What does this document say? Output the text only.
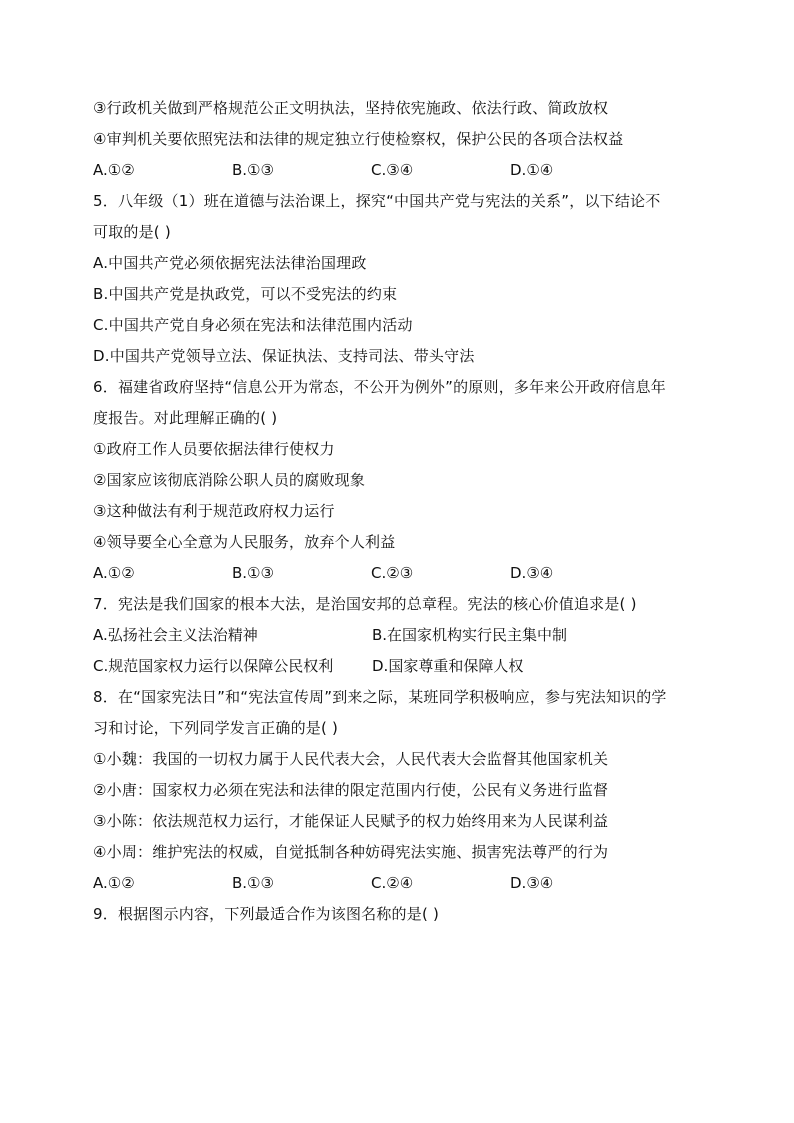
③行政机关做到严格规范公正文明执法，坚持依宪施政、依法行政、简政放权
④审判机关要依照宪法和法律的规定独立行使检察权，保护公民的各项合法权益
A.①②	B.①③	C.③④	D.①④
5．八年级（1）班在道德与法治课上，探究“中国共产党与宪法的关系”，以下结论不
可取的是( )
A.中国共产党必须依据宪法法律治国理政
B.中国共产党是执政党，可以不受宪法的约束
C.中国共产党自身必须在宪法和法律范围内活动
D.中国共产党领导立法、保证执法、支持司法、带头守法
6．福建省政府坚持“信息公开为常态，不公开为例外”的原则，多年来公开政府信息年
度报告。对此理解正确的( )
①政府工作人员要依据法律行使权力
②国家应该彻底消除公职人员的腐败现象
③这种做法有利于规范政府权力运行
④领导要全心全意为人民服务，放弃个人利益
A.①②	B.①③	C.②③	D.③④
7．宪法是我们国家的根本大法，是治国安邦的总章程。宪法的核心价值追求是( )
A.弘扬社会主义法治精神	B.在国家机构实行民主集中制
C.规范国家权力运行以保障公民权利	D.国家尊重和保障人权
8．在“国家宪法日”和“宪法宣传周”到来之际，某班同学积极响应，参与宪法知识的学
习和讨论，下列同学发言正确的是( )
①小魏：我国的一切权力属于人民代表大会，人民代表大会监督其他国家机关
②小唐：国家权力必须在宪法和法律的限定范围内行使，公民有义务进行监督
③小陈：依法规范权力运行，才能保证人民赋予的权力始终用来为人民谋利益
④小周：维护宪法的权威，自觉抵制各种妨碍宪法实施、损害宪法尊严的行为
A.①②	B.①③	C.②④	D.③④
9．根据图示内容，下列最适合作为该图名称的是( )
